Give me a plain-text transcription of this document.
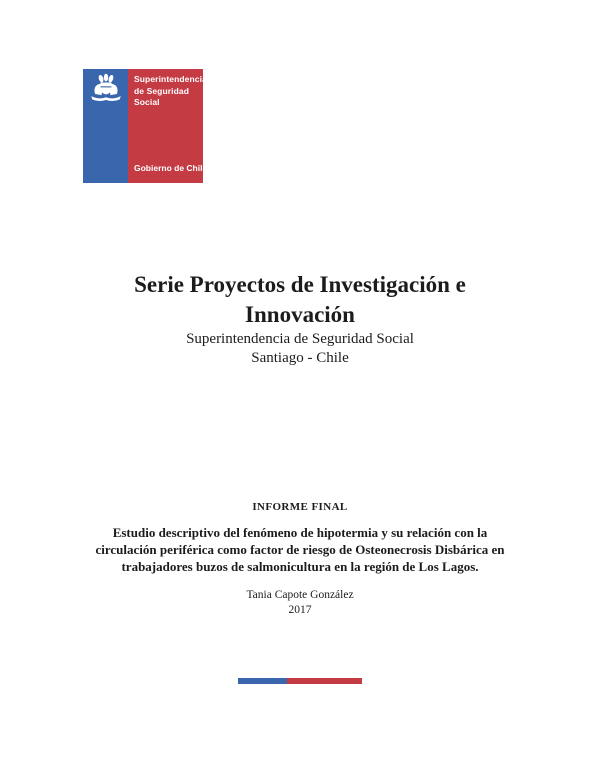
Superintendencia
de Seguridad
Social
Gobierno de Chile
Serie Proyectos de Investigación e
Innovación
Superintendencia de Seguridad Social
Santiago - Chile
INFORME FINAL
Estudio descriptivo del fenómeno de hipotermia y su relación con la
circulación periférica como factor de riesgo de Osteonecrosis Disbárica en
trabajadores buzos de salmonicultura en la región de Los Lagos.
Tania Capote González
2017
